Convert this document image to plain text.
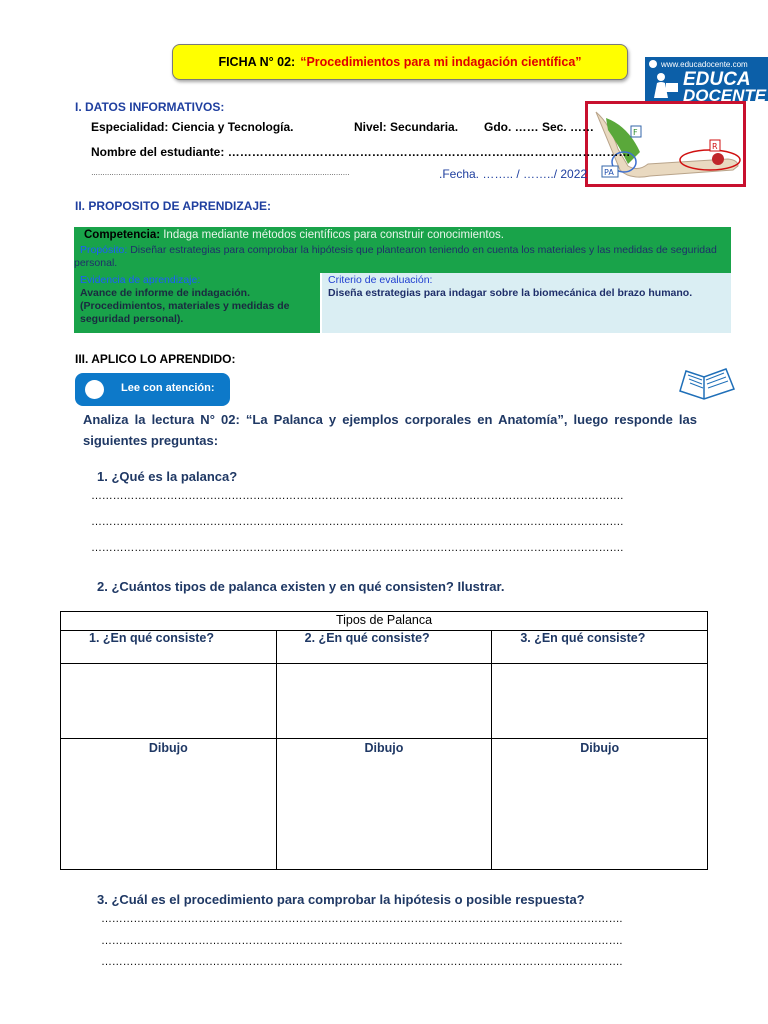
FICHA N° 02: “Procedimientos para mi indagación científica”	www.educadocente.com
EDUCA
DOCENTE
F
R
PA
I. DATOS INFORMATIVOS:
Especialidad: Ciencia y Tecnología.	Nivel: Secundaria. Gdo. …… Sec. ……
Nombre del estudiante: ………………………………………………………………..………………………
……………………………………………………………………………………………………	.Fecha. …….. / ……../ 2022
II. PROPOSITO DE APRENDIZAJE:
Competencia: Indaga mediante métodos científicos para construir conocimientos.
Propósito: Diseñar estrategias para comprobar la hipótesis que plantearon teniendo en cuenta los materiales y las medidas de seguridad personal.
Evidencia de aprendizaje:
Avance de informe de indagación. (Procedimientos, materiales y medidas de seguridad personal).
Criterio de evaluación:
Diseña estrategias para indagar sobre la biomecánica del brazo humano.
III. APLICO LO APRENDIDO:
Lee con atención:
Analiza la lectura N° 02: “La Palanca y ejemplos corporales en Anatomía”, luego responde las siguientes preguntas:
1. ¿Qué es la palanca?
………………………………………………………………………………………………………………………………….
………………………………………………………………………………………………………………………………….
………………………………………………………………………………………………………………………………….
2. ¿Cuántos tipos de palanca existen y en qué consisten? Ilustrar.
Tipos de Palanca		
1. ¿En qué consiste?	2. ¿En qué consiste?	3. ¿En qué consiste?

Dibujo	Dibujo	Dibujo
3. ¿Cuál es el procedimiento para comprobar la hipótesis o posible respuesta?
……………………………………………………………………………………………………………………………….
……………………………………………………………………………………………………………………………….
……………………………………………………………………………………………………………………………….
